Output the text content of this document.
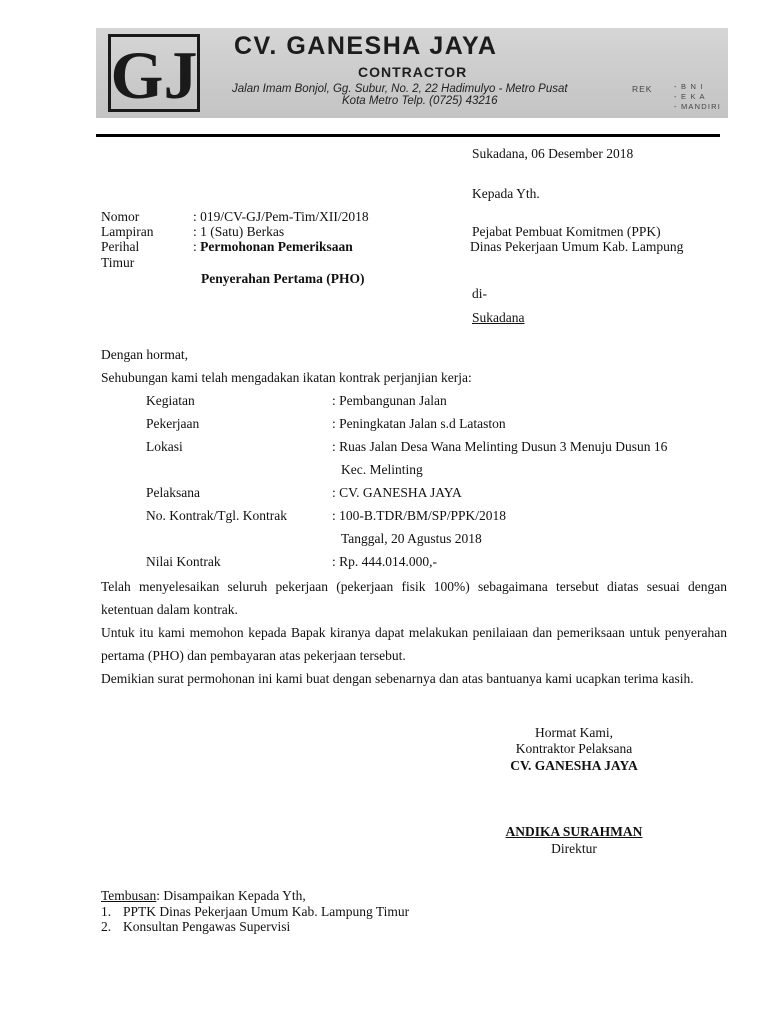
GJ CV. GANESHA JAYA
CONTRACTOR
Jalan Imam Bonjol, Gg. Subur, No. 2, 22 Hadimulyo - Metro Pusat
Kota Metro Telp. (0725) 43216
REK	- B N I
- E K A
- MANDIRI
Sukadana, 06 Desember 2018
Kepada Yth.
Pejabat Pembuat Komitmen (PPK)
Dinas Pekerjaan Umum Kab. Lampung
di-
Sukadana
Nomor	: 019/CV-GJ/Pem-Tim/XII/2018
Lampiran	: 1 (Satu) Berkas
Perihal	: Permohonan Pemeriksaan
Timur
Penyerahan Pertama (PHO)
Dengan hormat,
Sehubungan kami telah mengadakan ikatan kontrak perjanjian kerja:
Kegiatan	: Pembangunan Jalan
Pekerjaan	: Peningkatan Jalan s.d Lataston
Lokasi	: Ruas Jalan Desa Wana Melinting Dusun 3 Menuju Dusun 16
Kec. Melinting
Pelaksana	: CV. GANESHA JAYA
No. Kontrak/Tgl. Kontrak	: 100-B.TDR/BM/SP/PPK/2018
Tanggal, 20 Agustus 2018
Nilai Kontrak	: Rp. 444.014.000,-

Telah menyelesaikan seluruh pekerjaan (pekerjaan fisik 100%) sebagaimana tersebut diatas sesuai dengan ketentuan dalam kontrak.

Untuk itu kami memohon kepada Bapak kiranya dapat melakukan penilaiaan dan pemeriksaan untuk penyerahan pertama (PHO) dan pembayaran atas pekerjaan tersebut.

Demikian surat permohonan ini kami buat dengan sebenarnya dan atas bantuanya kami ucapkan terima kasih.

Hormat Kami,
Kontraktor Pelaksana
CV. GANESHA JAYA
ANDIKA SURAHMAN
Direktur
Tembusan: Disampaikan Kepada Yth,
1. PPTK Dinas Pekerjaan Umum Kab. Lampung Timur
2. Konsultan Pengawas Supervisi
